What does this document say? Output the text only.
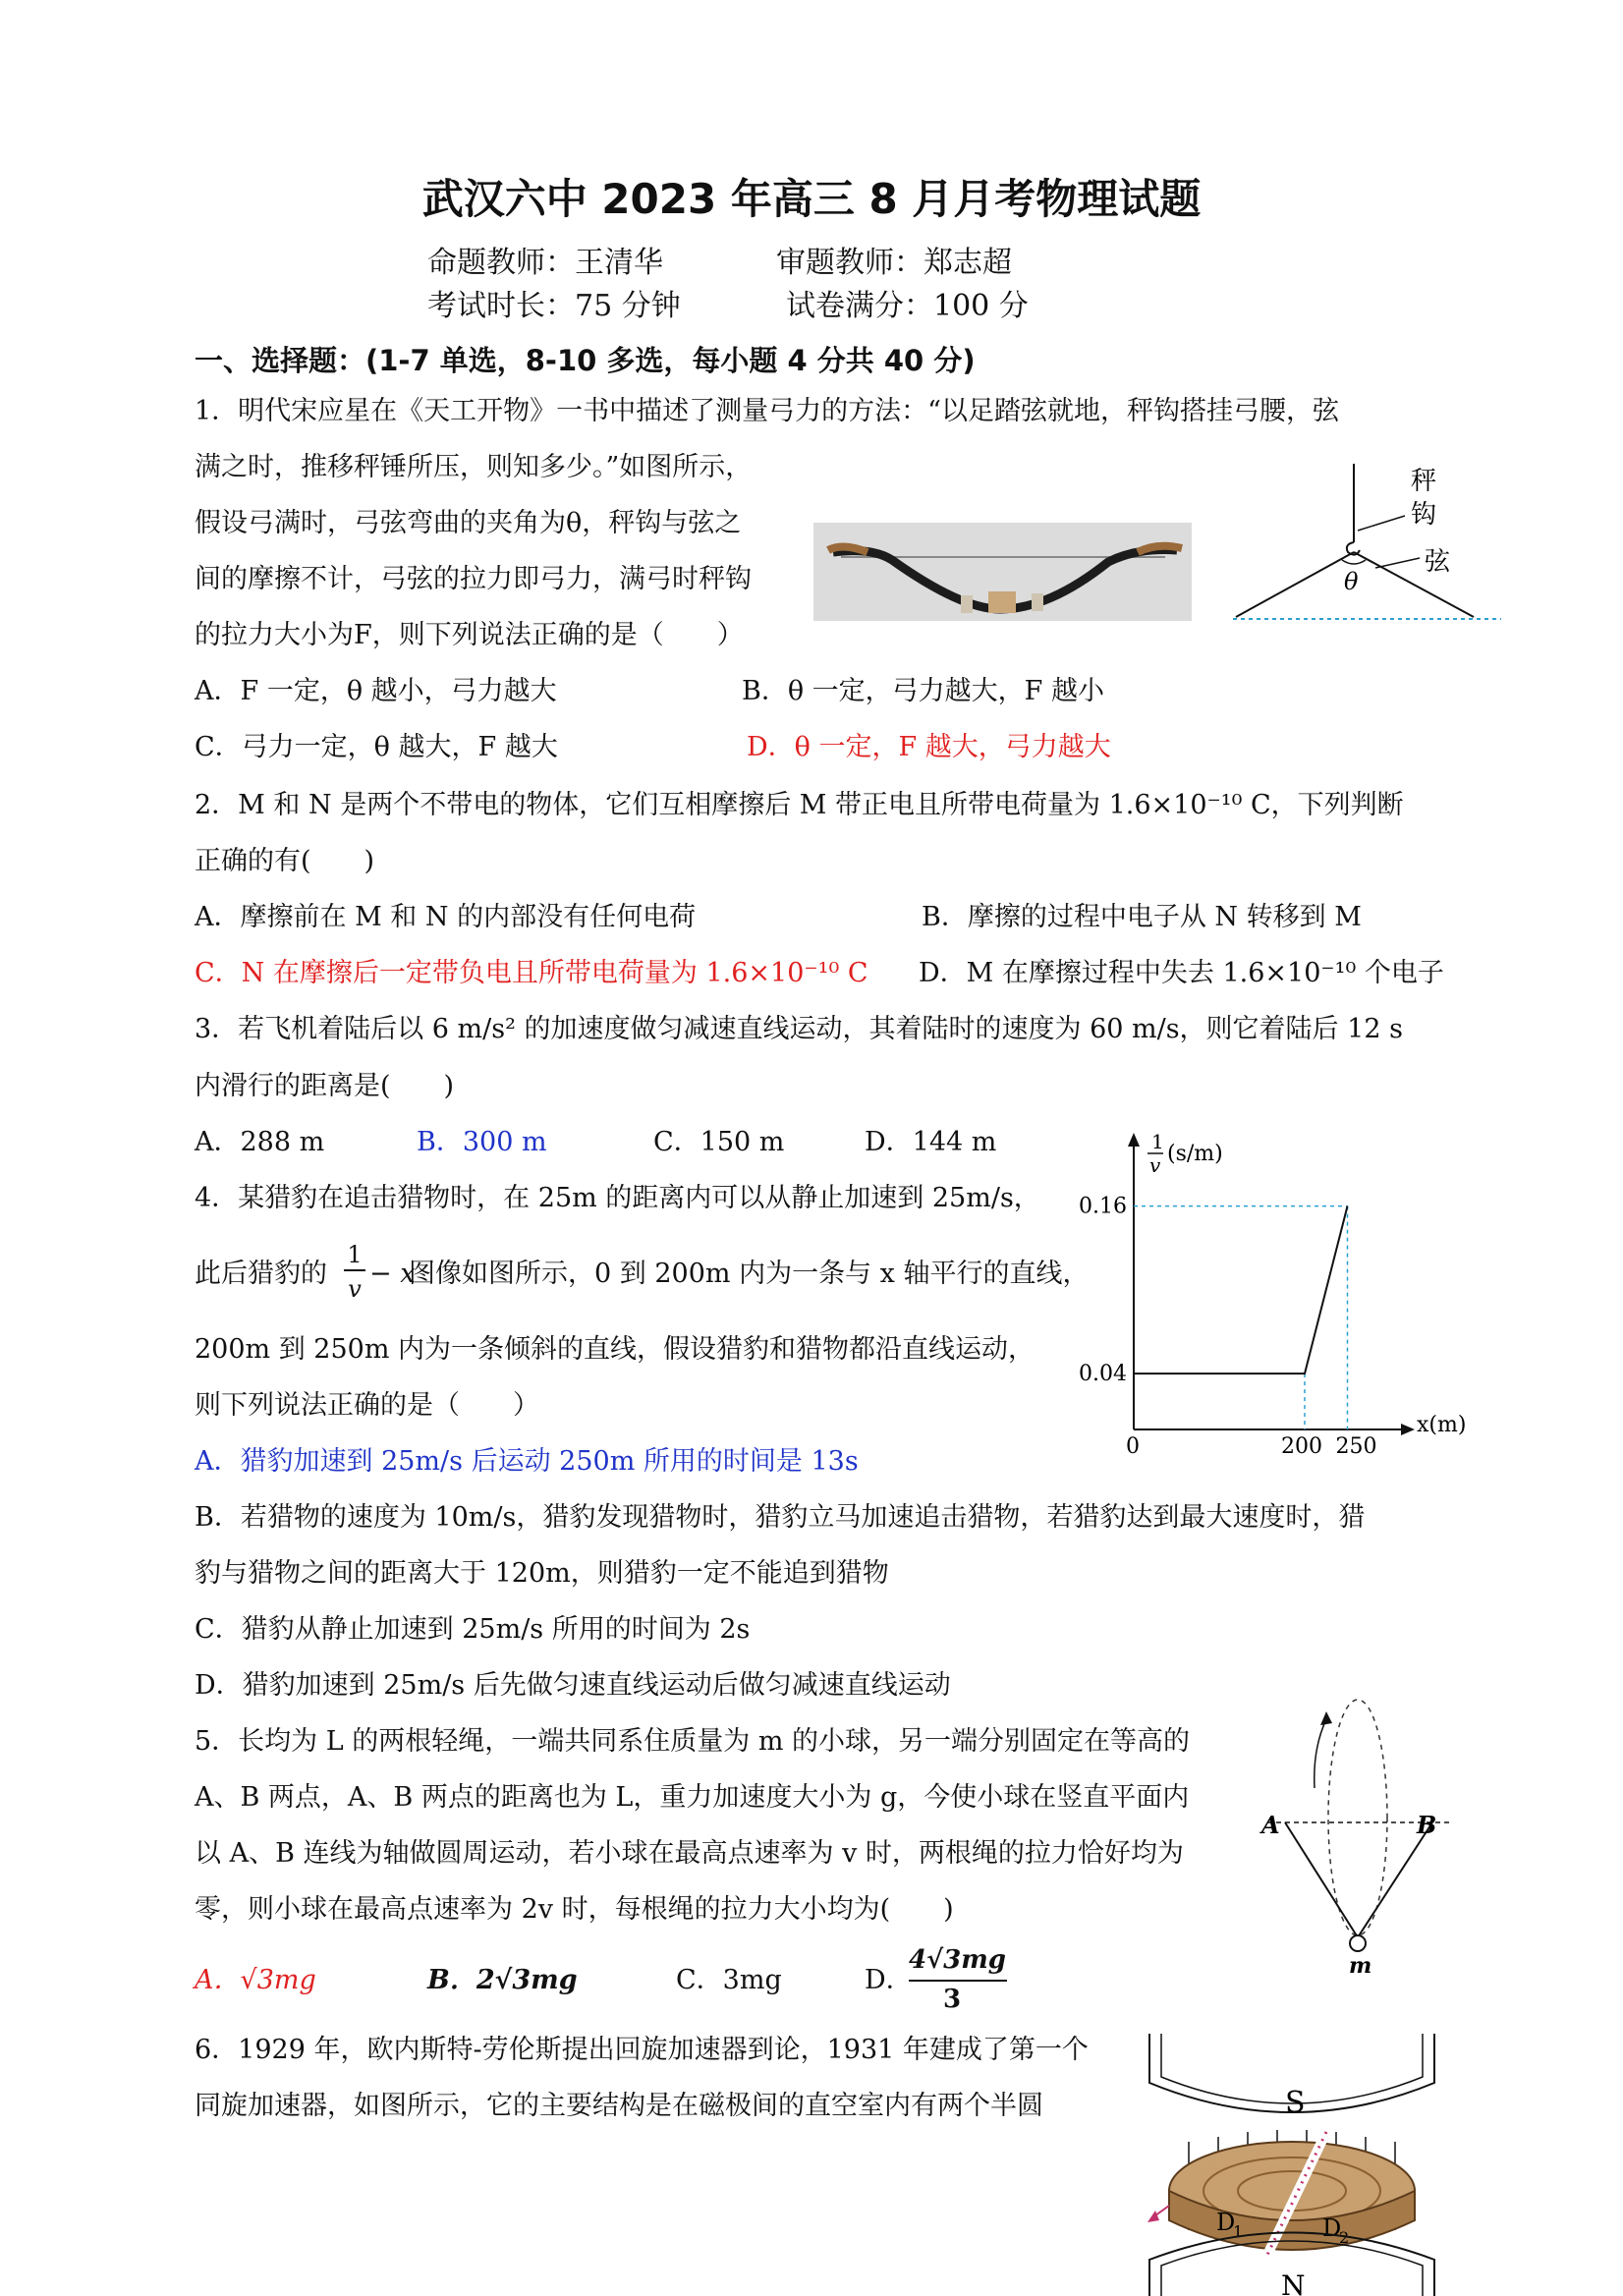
武汉六中 2023 年高三 8 月月考物理试题
命题教师：王清华	审题教师：郑志超
考试时长：75 分钟	试卷满分：100 分
一、选择题：(1-7 单选，8-10 多选，每小题 4 分共 40 分)
1．明代宋应星在《天工开物》一书中描述了测量弓力的方法：“以足踏弦就地，秤钩搭挂弓腰，弦
满之时，推移秤锤所压，则知多少。”如图所示，
假设弓满时，弓弦弯曲的夹角为θ，秤钩与弦之
间的摩擦不计，弓弦的拉力即弓力，满弓时秤钩
的拉力大小为F，则下列说法正确的是（　　）
秤
钩
弦
θ
A．F 一定，θ 越小，弓力越大	B．θ 一定，弓力越大，F 越小
C．弓力一定，θ 越大，F 越大	D．θ 一定，F 越大，弓力越大
2．M 和 N 是两个不带电的物体，它们互相摩擦后 M 带正电且所带电荷量为 1.6×10⁻¹⁰ C，下列判断
正确的有(　　)
A．摩擦前在 M 和 N 的内部没有任何电荷	B．摩擦的过程中电子从 N 转移到 M
C．N 在摩擦后一定带负电且所带电荷量为 1.6×10⁻¹⁰ C D．M 在摩擦过程中失去 1.6×10⁻¹⁰ 个电子
3．若飞机着陆后以 6 m/s² 的加速度做匀减速直线运动，其着陆时的速度为 60 m/s，则它着陆后 12 s
内滑行的距离是(　　)
A．288 m	B．300 m	C．150 m	D．144 m
4．某猎豹在追击猎物时，在 25m 的距离内可以从静止加速到 25m/s，
此后猎豹的
1
v − x
图像如图所示，0 到 200m 内为一条与 x 轴平行的直线，
200m 到 250m 内为一条倾斜的直线，假设猎豹和猎物都沿直线运动，
则下列说法正确的是（　　）
A．猎豹加速到 25m/s 后运动 250m 所用的时间是 13s
B．若猎物的速度为 10m/s，猎豹发现猎物时，猎豹立马加速追击猎物，若猎豹达到最大速度时，猎
豹与猎物之间的距离大于 120m，则猎豹一定不能追到猎物
C．猎豹从静止加速到 25m/s 所用的时间为 2s
D．猎豹加速到 25m/s 后先做匀速直线运动后做匀减速直线运动
1
v (s/m)
x(m)
0
0.16
0.04
200 250
5．长均为 L 的两根轻绳，一端共同系住质量为 m 的小球，另一端分别固定在等高的
A、B 两点，A、B 两点的距离也为 L，重力加速度大小为 g，今使小球在竖直平面内
以 A、B 连线为轴做圆周运动，若小球在最高点速率为 v 时，两根绳的拉力恰好均为
零，则小球在最高点速率为 2v 时，每根绳的拉力大小均为(　　)
A．√3mg	B．2√3mg	C．3mg	D．
4√3mg
3
A	B
m
6．1929 年，欧内斯特-劳伦斯提出回旋加速器到论，1931 年建成了第一个
同旋加速器，如图所示，它的主要结构是在磁极间的直空室内有两个半圆	S
D
1	D
2
N
